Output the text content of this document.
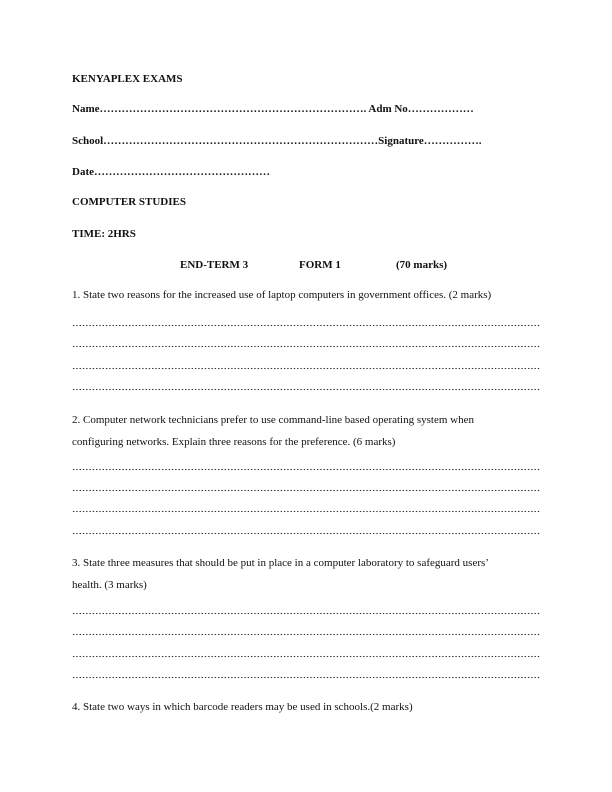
KENYAPLEX EXAMS
Name………………………………………………………………. Adm No………………
School…………………………………………………………………Signature…………….
Date…………………………………………
COMPUTER STUDIES
TIME: 2HRS
END-TERM 3	FORM 1	(70 marks)
1. State two reasons for the increased use of laptop computers in government offices. (2 marks)
2. Computer network technicians prefer to use command-line based operating system when
configuring networks. Explain three reasons for the preference. (6 marks)
3. State three measures that should be put in place in a computer laboratory to safeguard users’
health. (3 marks)
4. State two ways in which barcode readers may be used in schools.(2 marks)
